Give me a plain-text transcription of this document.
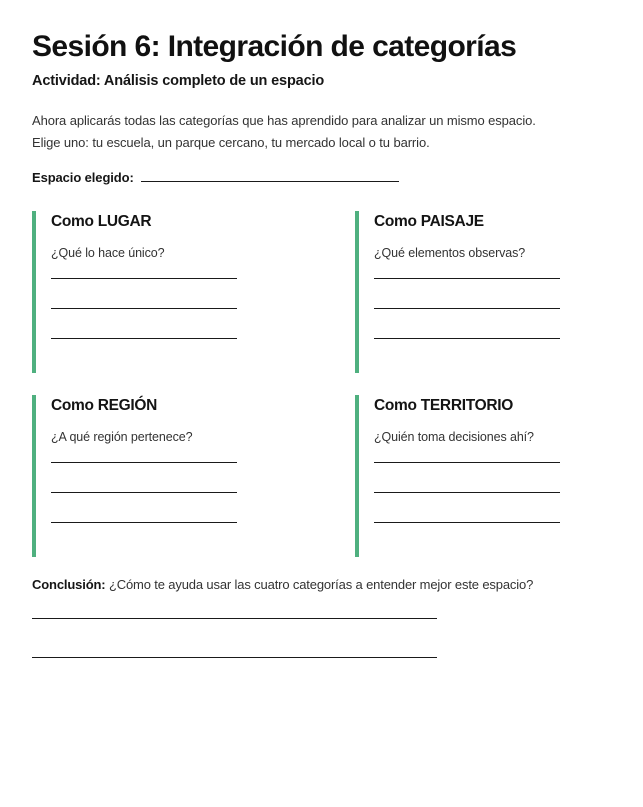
Sesión 6: Integración de categorías
Actividad: Análisis completo de un espacio

Ahora aplicarás todas las categorías que has aprendido para analizar un mismo espacio.
Elige uno: tu escuela, un parque cercano, tu mercado local o tu barrio.

Espacio elegido:
Como LUGAR
¿Qué lo hace único?
Como PAISAJE
¿Qué elementos observas?
Como REGIÓN
¿A qué región pertenece?
Como TERRITORIO
¿Quién toma decisiones ahí?

Conclusión: ¿Cómo te ayuda usar las cuatro categorías a entender mejor este espacio?
